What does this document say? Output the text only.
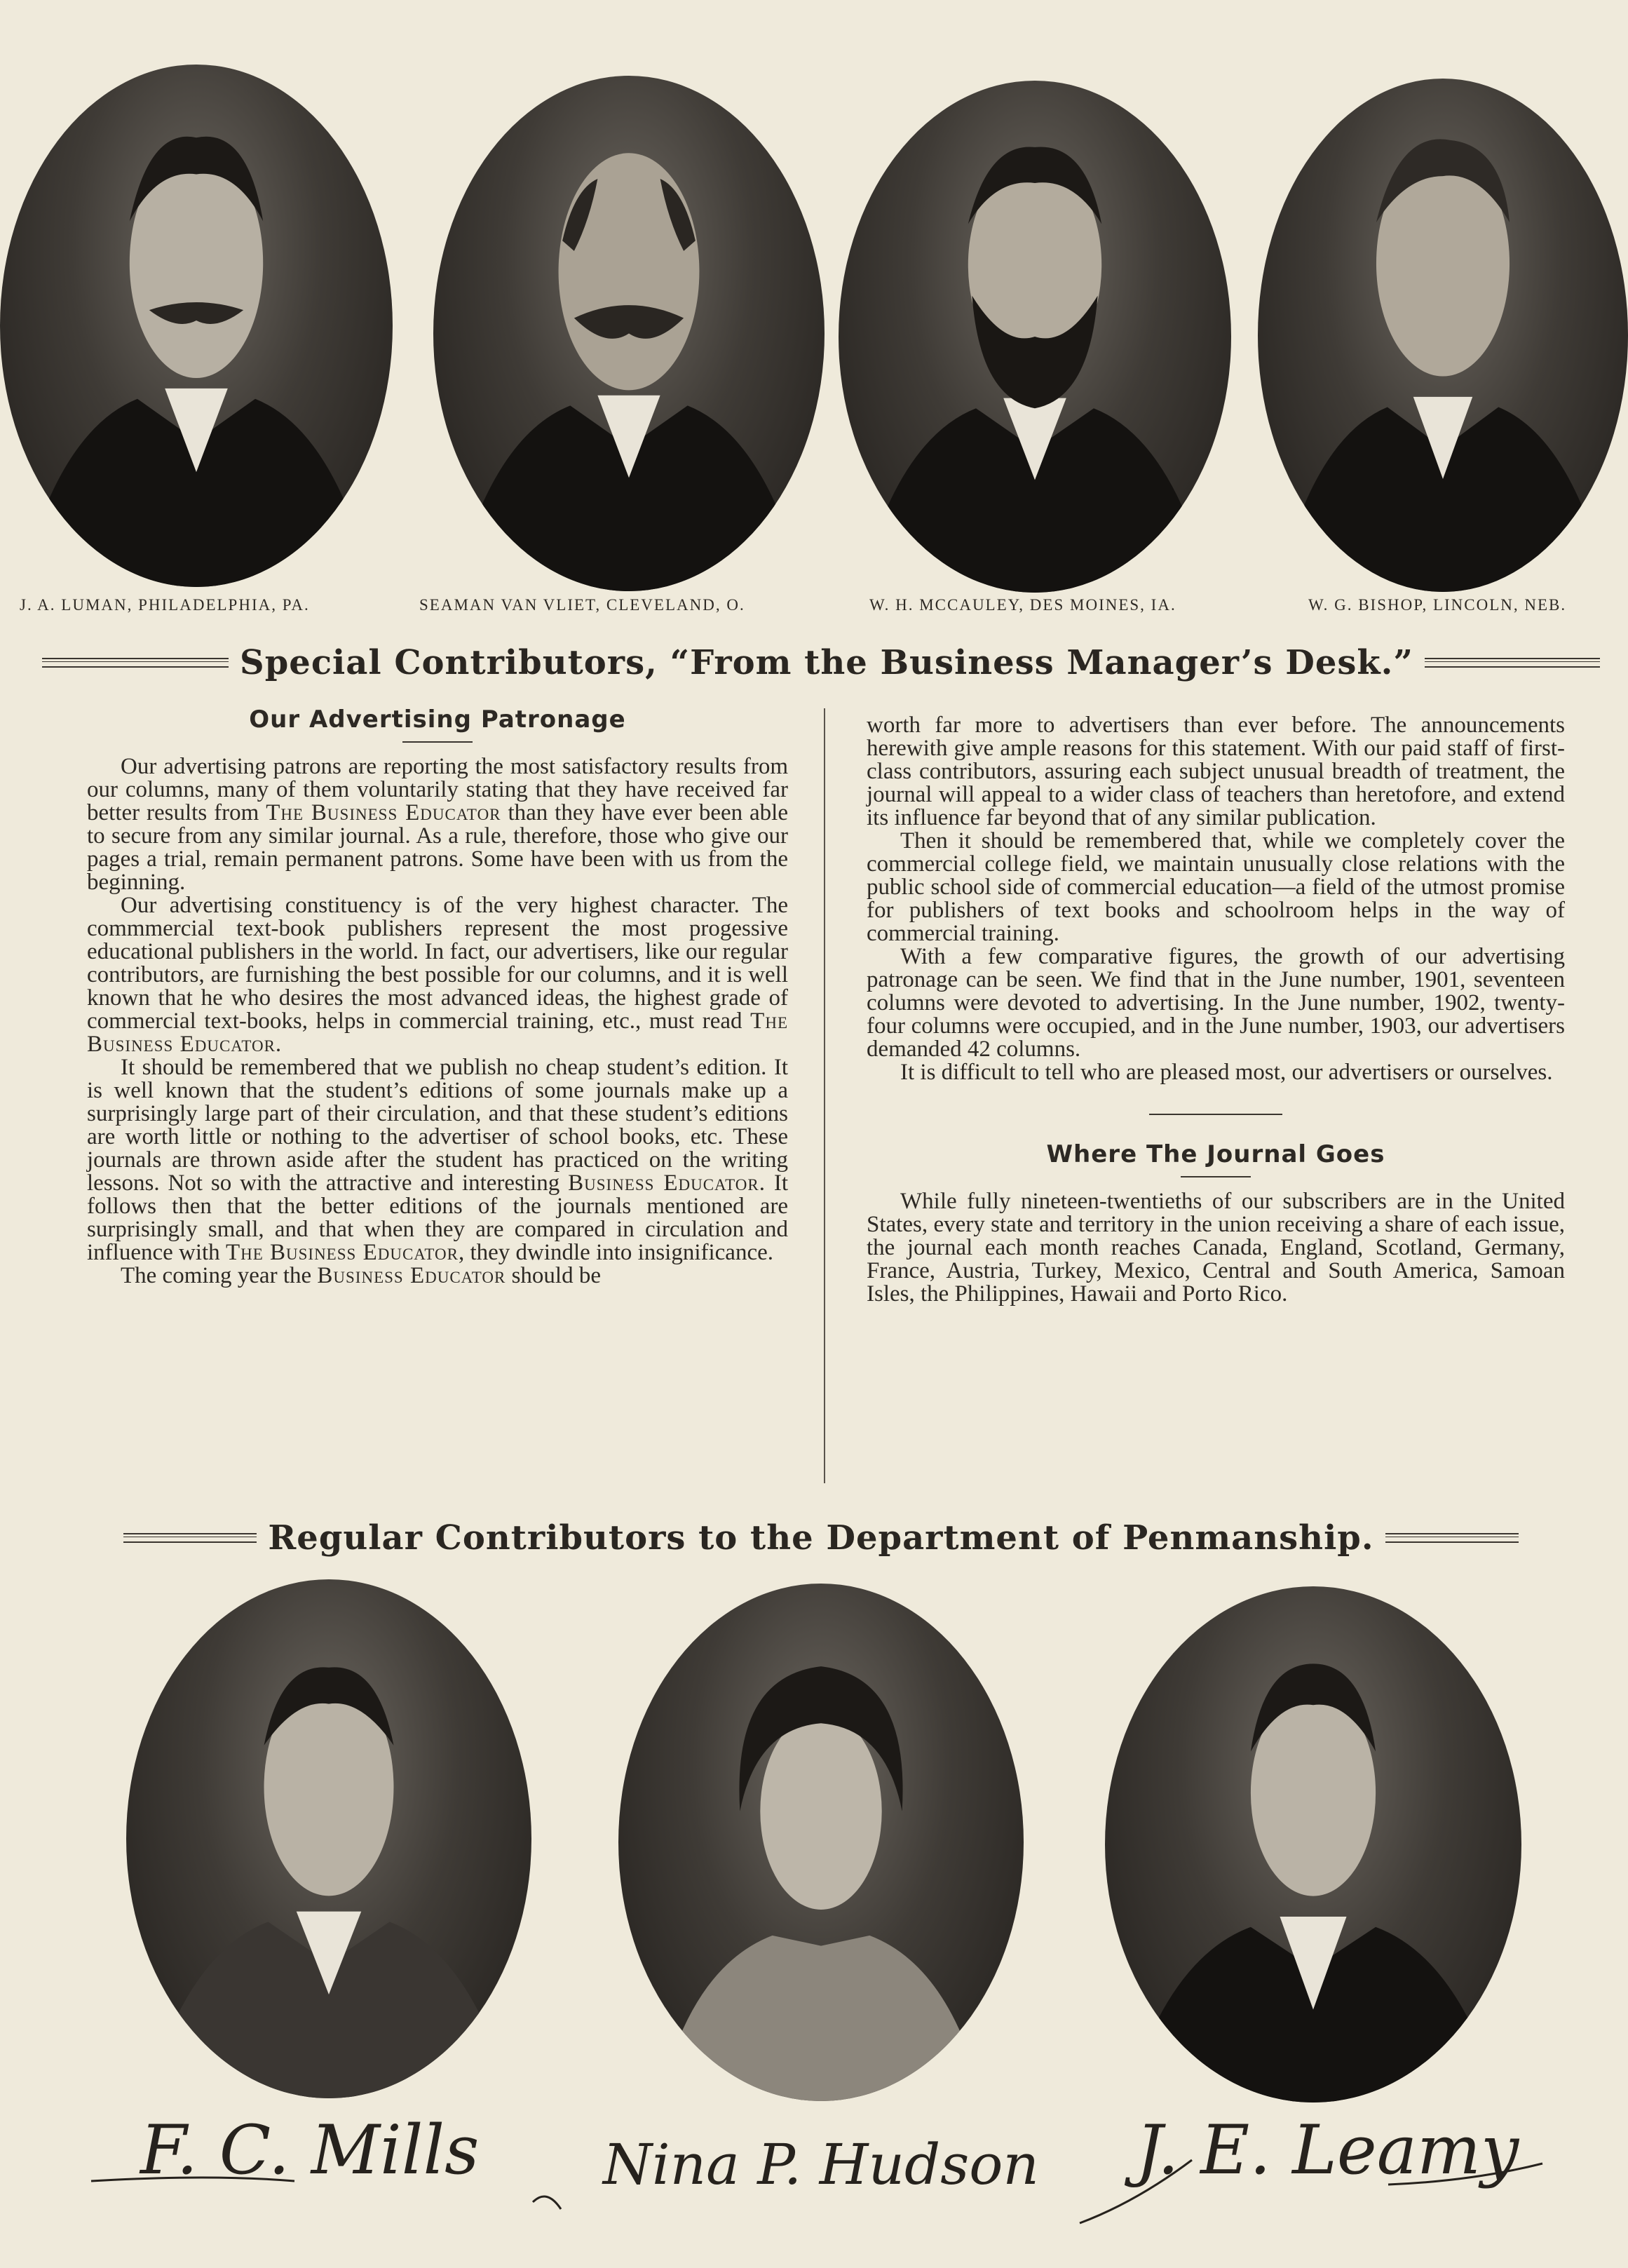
J. A. LUMAN, PHILADELPHIA, PA.	SEAMAN VAN VLIET, CLEVELAND, O.	W. H. MCCAULEY, DES MOINES, IA.	W. G. BISHOP, LINCOLN, NEB.
Special Contributors, “From the Business Manager’s Desk.”
Our Advertising Patronage

Our advertising patrons are reporting the most satisfactory results from our columns, many of them voluntarily stating that they have received far better results from The Business Educator than they have ever been able to secure from any similar journal. As a rule, therefore, those who give our pages a trial, remain permanent patrons. Some have been with us from the beginning.

Our advertising constituency is of the very highest character. The commmercial text-book publishers represent the most progessive educational publishers in the world. In fact, our advertisers, like our regular contributors, are furnishing the best possible for our columns, and it is well known that he who desires the most advanced ideas, the highest grade of commercial text-books, helps in commercial training, etc., must read The Business Educator.

It should be remembered that we publish no cheap student’s edition. It is well known that the student’s editions of some journals make up a surprisingly large part of their circulation, and that these student’s editions are worth little or nothing to the advertiser of school books, etc. These journals are thrown aside after the student has practiced on the writing lessons. Not so with the attractive and interesting Business Educator. It follows then that the better editions of the journals mentioned are surprisingly small, and that when they are compared in circulation and influence with The Business Educator, they dwindle into insignificance.

The coming year the Business Educator should be

worth far more to advertisers than ever before. The announcements herewith give ample reasons for this statement. With our paid staff of first-class contributors, assuring each subject unusual breadth of treatment, the journal will appeal to a wider class of teachers than heretofore, and extend its influence far beyond that of any similar publication.

Then it should be remembered that, while we completely cover the commercial college field, we maintain unusually close relations with the public school side of commercial education—a field of the utmost promise for publishers of text books and schoolroom helps in the way of commercial training.

With a few comparative figures, the growth of our advertising patronage can be seen. We find that in the June number, 1901, seventeen columns were devoted to advertising. In the June number, 1902, twenty-four columns were occupied, and in the June number, 1903, our advertisers demanded 42 columns.

It is difficult to tell who are pleased most, our advertisers or ourselves.

Where The Journal Goes

While fully nineteen-twentieths of our subscribers are in the United States, every state and territory in the union receiving a share of each issue, the journal each month reaches Canada, England, Scotland, Germany, France, Austria, Turkey, Mexico, Central and South America, Samoan Isles, the Philippines, Hawaii and Porto Rico.

Regular Contributors to the Department of Penmanship.
F. C. Mills Nina P. Hudson J. E. Leamy
